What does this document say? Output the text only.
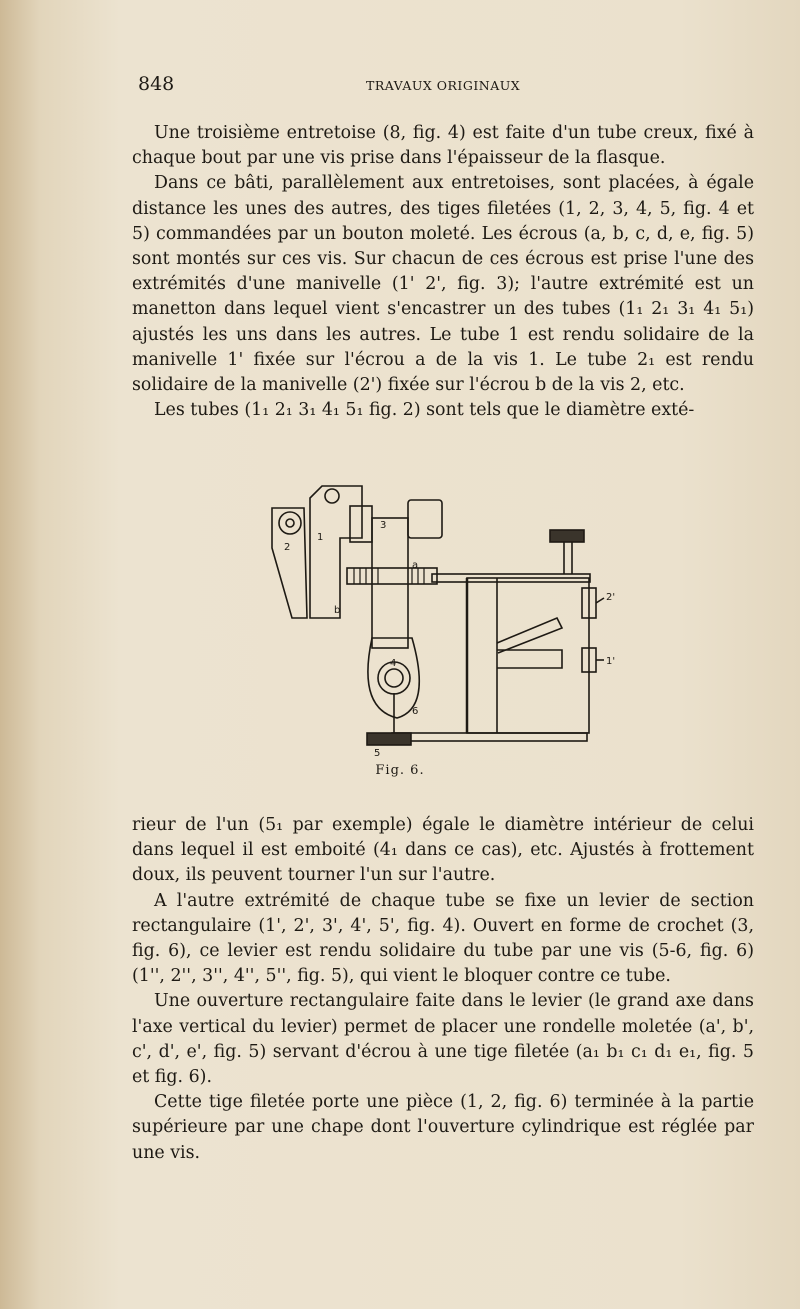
848	TRAVAUX ORIGINAUX

Une troisième entretoise (8, fig. 4) est faite d'un tube creux, fixé à chaque bout par une vis prise dans l'épaisseur de la flasque.

Dans ce bâti, parallèlement aux entretoises, sont placées, à égale distance les unes des autres, des tiges filetées (1, 2, 3, 4, 5, fig. 4 et 5) commandées par un bouton moleté. Les écrous (a, b, c, d, e, fig. 5) sont montés sur ces vis. Sur chacun de ces écrous est prise l'une des extrémités d'une manivelle (1' 2', fig. 3); l'autre extrémité est un manetton dans lequel vient s'encastrer un des tubes (1₁ 2₁ 3₁ 4₁ 5₁) ajustés les uns dans les autres. Le tube 1 est rendu solidaire de la manivelle 1' fixée sur l'écrou a de la vis 1. Le tube 2₁ est rendu solidaire de la manivelle (2') fixée sur l'écrou b de la vis 2, etc.

Les tubes (1₁ 2₁ 3₁ 4₁ 5₁ fig. 2) sont tels que le diamètre exté-

3
1
2
a
b
4
6
5
2'
1'
Fig. 6.

rieur de l'un (5₁ par exemple) égale le diamètre intérieur de celui dans lequel il est emboité (4₁ dans ce cas), etc. Ajustés à frottement doux, ils peuvent tourner l'un sur l'autre.

A l'autre extrémité de chaque tube se fixe un levier de section rectangulaire (1', 2', 3', 4', 5', fig. 4). Ouvert en forme de crochet (3, fig. 6), ce levier est rendu solidaire du tube par une vis (5-6, fig. 6) (1'', 2'', 3'', 4'', 5'', fig. 5), qui vient le bloquer contre ce tube.

Une ouverture rectangulaire faite dans le levier (le grand axe dans l'axe vertical du levier) permet de placer une rondelle moletée (a', b', c', d', e', fig. 5) servant d'écrou à une tige filetée (a₁ b₁ c₁ d₁ e₁, fig. 5 et fig. 6).

Cette tige filetée porte une pièce (1, 2, fig. 6) terminée à la partie supérieure par une chape dont l'ouverture cylindrique est réglée par une vis.
